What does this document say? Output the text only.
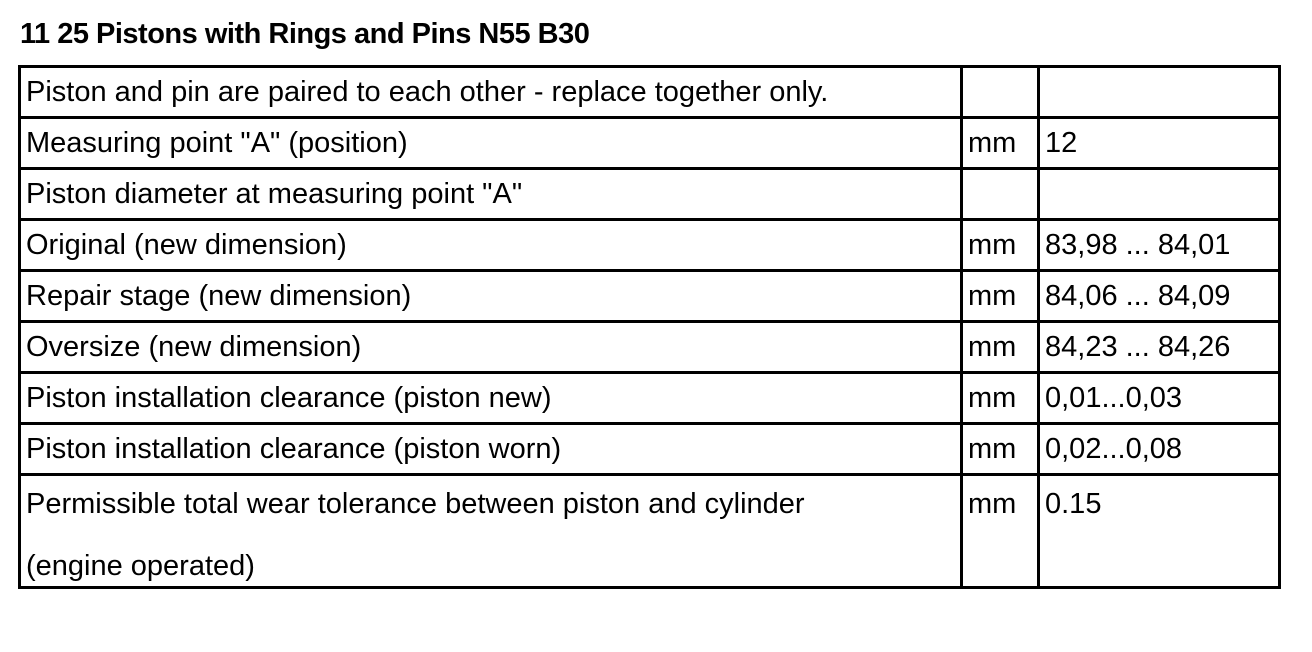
11 25 Pistons with Rings and Pins N55 B30
Piston and pin are paired to each other - replace together only.		
Measuring point "A" (position)	mm	12
Piston diameter at measuring point "A"		
Original (new dimension)	mm	83,98 ... 84,01
Repair stage (new dimension)	mm	84,06 ... 84,09
Oversize (new dimension)	mm	84,23 ... 84,26
Piston installation clearance (piston new)	mm	0,01...0,03
Piston installation clearance (piston worn)	mm	0,02...0,08

Permissible total wear tolerance between piston and cylinder
(engine operated)	mm	0.15
